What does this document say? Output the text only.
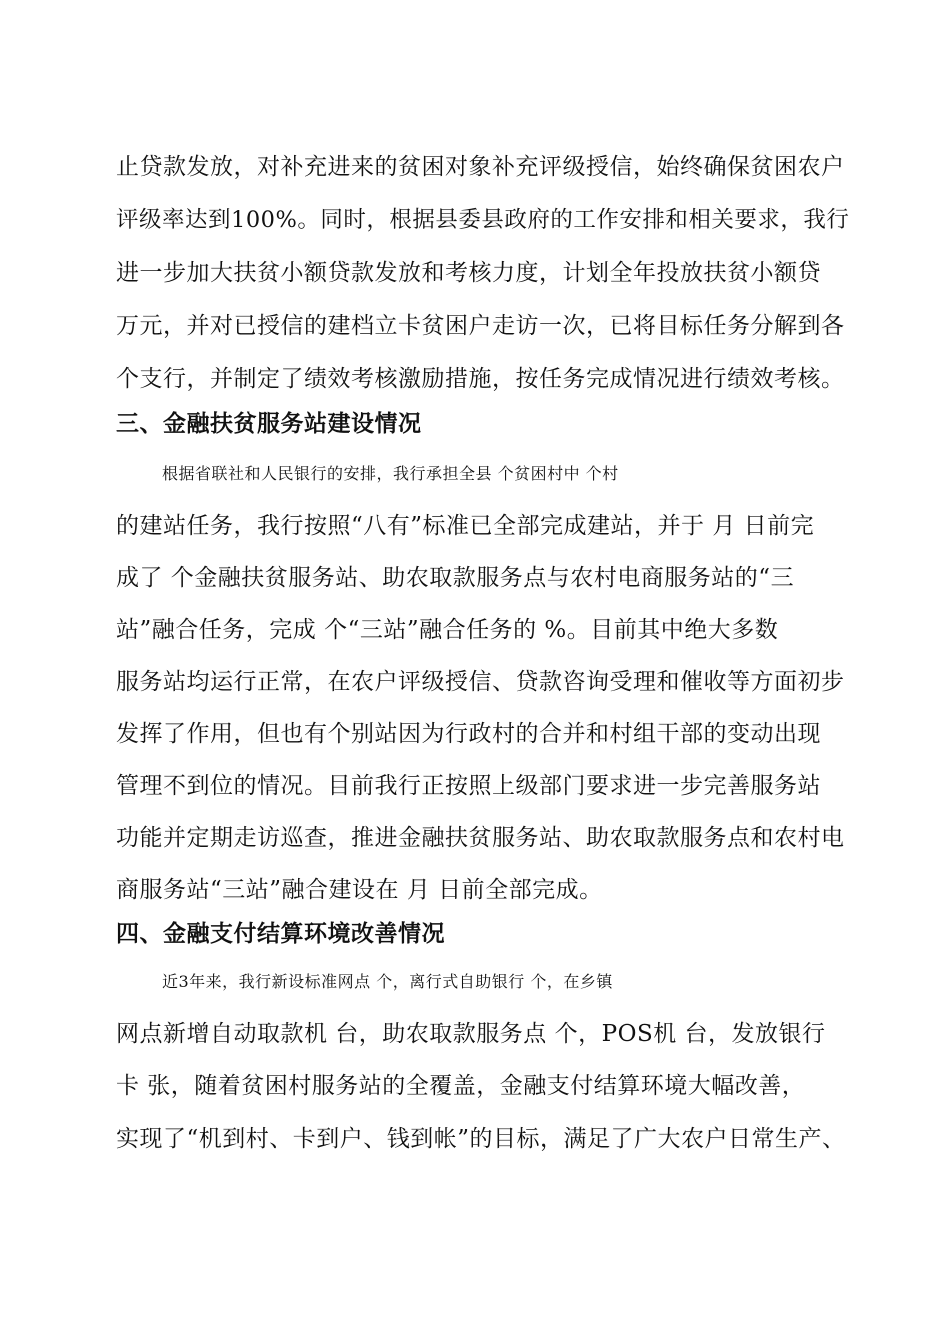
止贷款发放，对补充进来的贫困对象补充评级授信，始终确保贫困农户
评级率达到100%。同时，根据县委县政府的工作安排和相关要求，我行
进一步加大扶贫小额贷款发放和考核力度，计划全年投放扶贫小额贷
万元，并对已授信的建档立卡贫困户走访一次，已将目标任务分解到各
个支行，并制定了绩效考核激励措施，按任务完成情况进行绩效考核。
三、金融扶贫服务站建设情况
根据省联社和人民银行的安排，我行承担全县 个贫困村中 个村
的建站任务，我行按照“八有”标准已全部完成建站，并于 月 日前完
成了 个金融扶贫服务站、助农取款服务点与农村电商服务站的“三
站”融合任务，完成 个“三站”融合任务的 %。目前其中绝大多数
服务站均运行正常，在农户评级授信、贷款咨询受理和催收等方面初步
发挥了作用，但也有个别站因为行政村的合并和村组干部的变动出现
管理不到位的情况。目前我行正按照上级部门要求进一步完善服务站
功能并定期走访巡查，推进金融扶贫服务站、助农取款服务点和农村电
商服务站“三站”融合建设在 月 日前全部完成。
四、金融支付结算环境改善情况
近3年来，我行新设标准网点 个，离行式自助银行 个，在乡镇
网点新增自动取款机 台，助农取款服务点 个，POS机 台，发放银行
卡 张，随着贫困村服务站的全覆盖，金融支付结算环境大幅改善，
实现了“机到村、卡到户、钱到帐”的目标，满足了广大农户日常生产、
